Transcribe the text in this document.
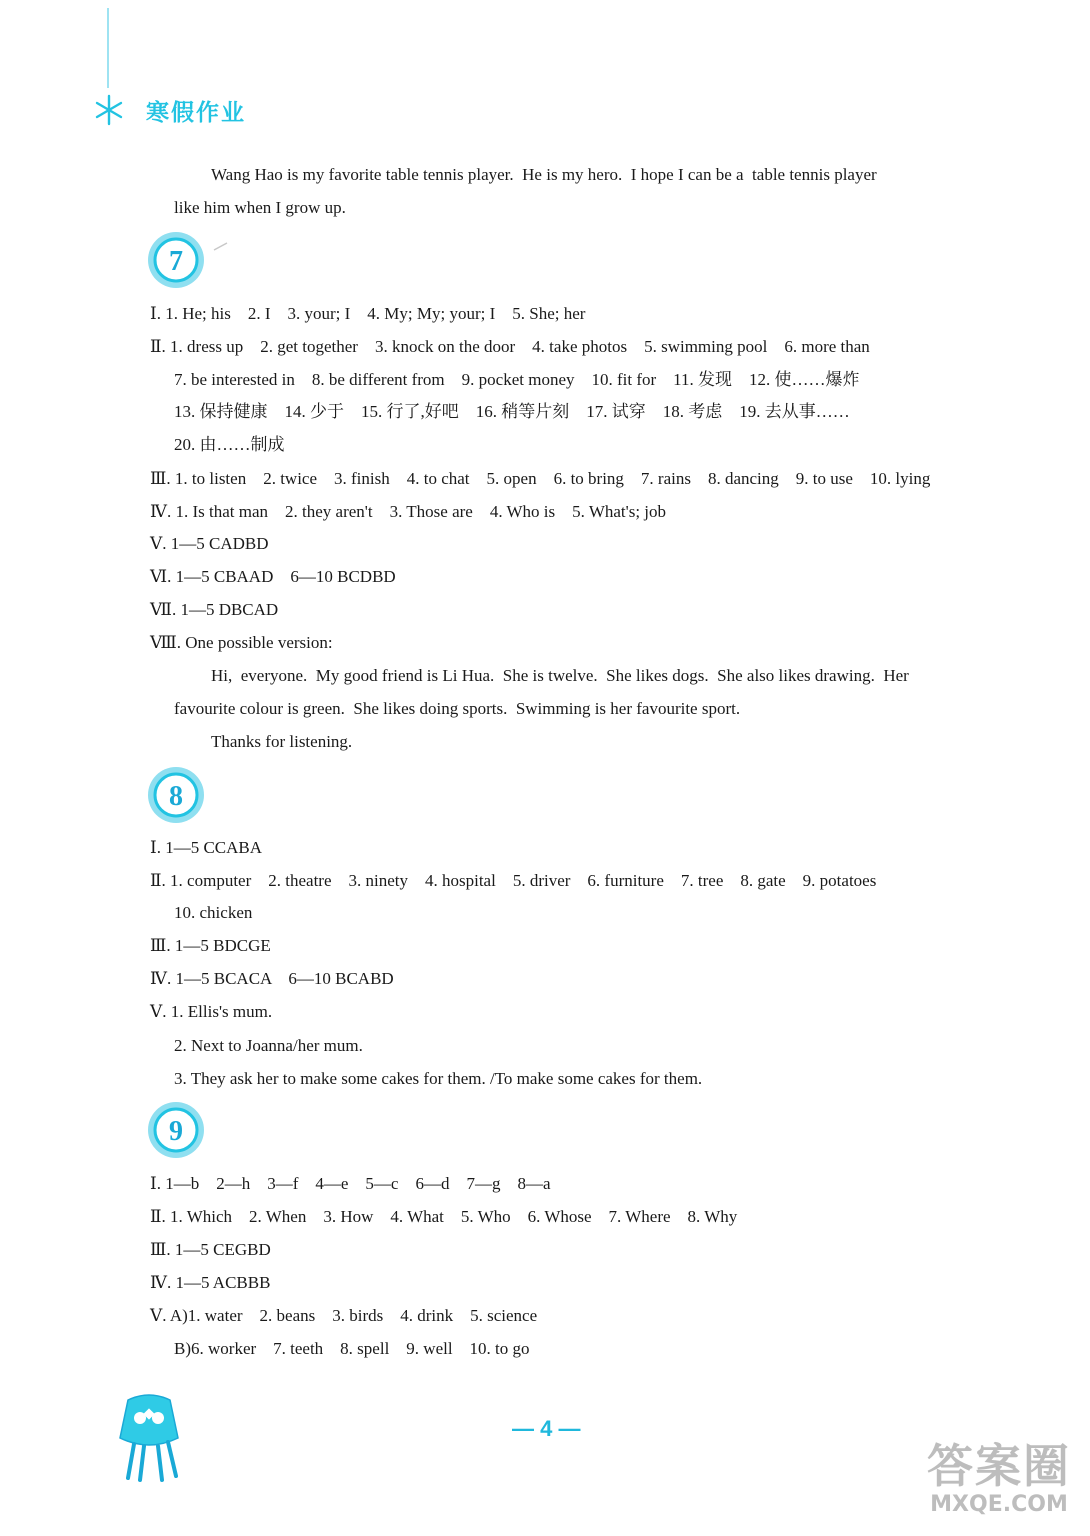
寒假作业
Wang Hao is my favorite table tennis player.  He is my hero.  I hope I can be a  table tennis player
like him when I grow up.
7
Ⅰ. 1. He; his    2. I    3. your; I    4. My; My; your; I    5. She; her
Ⅱ. 1. dress up    2. get together    3. knock on the door    4. take photos    5. swimming pool    6. more than
7. be interested in    8. be different from    9. pocket money    10. fit for    11. 发现    12. 使……爆炸
13. 保持健康    14. 少于    15. 行了,好吧    16. 稍等片刻    17. 试穿    18. 考虑    19. 去从事……
20. 由……制成
Ⅲ. 1. to listen    2. twice    3. finish    4. to chat    5. open    6. to bring    7. rains    8. dancing    9. to use    10. lying
Ⅳ. 1. Is that man    2. they aren't    3. Those are    4. Who is    5. What's; job
Ⅴ. 1—5 CADBD
Ⅵ. 1—5 CBAAD    6—10 BCDBD
Ⅶ. 1—5 DBCAD
Ⅷ. One possible version:
Hi,  everyone.  My good friend is Li Hua.  She is twelve.  She likes dogs.  She also likes drawing.  Her
favourite colour is green.  She likes doing sports.  Swimming is her favourite sport.
Thanks for listening.
8
Ⅰ. 1—5 CCABA
Ⅱ. 1. computer    2. theatre    3. ninety    4. hospital    5. driver    6. furniture    7. tree    8. gate    9. potatoes
10. chicken
Ⅲ. 1—5 BDCGE
Ⅳ. 1—5 BCACA    6—10 BCABD
Ⅴ. 1. Ellis's mum.
2. Next to Joanna/her mum.
3. They ask her to make some cakes for them. /To make some cakes for them.
9
Ⅰ. 1—b    2—h    3—f    4—e    5—c    6—d    7—g    8—a
Ⅱ. 1. Which    2. When    3. How    4. What    5. Who    6. Whose    7. Where    8. Why
Ⅲ. 1—5 CEGBD
Ⅳ. 1—5 ACBBB
Ⅴ. A)1. water    2. beans    3. birds    4. drink    5. science
B)6. worker    7. teeth    8. spell    9. well    10. to go
— 4 —
答案圈
MXQE.COM
